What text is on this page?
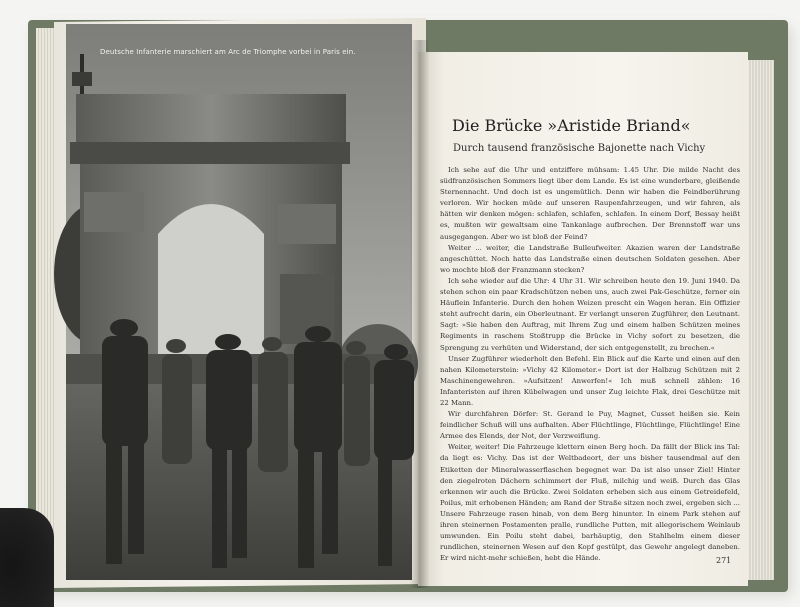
Deutsche Infanterie marschiert am Arc de Triomphe vorbei in Paris ein.
Die Brücke »Aristide Briand«
Durch tausend französische Bajonette nach Vichy

Ich sehe auf die Uhr und entziffere mühsam: 1.45 Uhr. Die milde Nacht des südfranzösischen Sommers liegt über dem Lande. Es ist eine wunderbare, gleißende Sternennacht. Und doch ist es ungemütlich. Denn wir haben die Feindberührung verloren. Wir hocken müde auf unseren Raupenfahrzeugen, und wir fahren, als hätten wir denken mögen: schlafen, schlafen, schlafen. In einem Dorf, Bessay heißt es, mußten wir gewaltsam eine Tankanlage aufbrechen. Der Brennstoff war uns ausgegangen. Aber wo ist bloß der Feind?

Weiter ... weiter, die Landstraße Bulleufweiter. Akazien waren der Landstraße angeschüttet. Noch hatte das Landstraße einen deutschen Soldaten gesehen. Aber wo mochte bloß der Franzmann stecken?

Ich sehe wieder auf die Uhr: 4 Uhr 31. Wir schreiben heute den 19. Juni 1940. Da stehen schon ein paar Kradschützen neben uns, auch zwei Pak-Geschütze, ferner ein Häuflein Infanterie. Durch den hohen Weizen prescht ein Wagen heran. Ein Offizier steht aufrecht darin, ein Oberleutnant. Er verlangt unseren Zugführer, den Leutnant. Sagt: »Sie haben den Auftrag, mit Ihrem Zug und einem halben Schützen meines Regiments in raschem Stoßtrupp die Brücke in Vichy sofort zu besetzen, die Sprengung zu verhüten und Widerstand, der sich entgegenstellt, zu brechen.«

Unser Zugführer wiederholt den Befehl. Ein Blick auf die Karte und einen auf den nahen Kilometerstein: »Vichy 42 Kilometer.« Dort ist der Halbzug Schützen mit 2 Maschinengewehren. »Aufsitzen! Anwerfen!« Ich muß schnell zählen: 16 Infanteristen auf ihren Kübelwagen und unser Zug leichte Flak, drei Geschütze mit 22 Mann.

Wir durchfahren Dörfer: St. Gerand le Puy, Magnet, Cusset heißen sie. Kein feindlicher Schuß will uns aufhalten. Aber Flüchtlinge, Flüchtlinge, Flüchtlinge! Eine Armee des Elends, der Not, der Verzweiflung.

Weiter, weiter! Die Fahrzeuge klettern einen Berg hoch. Da fällt der Blick ins Tal: da liegt es: Vichy. Das ist der Weltbadeort, der uns bisher tausendmal auf den Etiketten der Mineralwasserflaschen begegnet war. Da ist also unser Ziel! Hinter den ziegelroten Dächern schimmert der Fluß, milchig und weiß. Durch das Glas erkennen wir auch die Brücke. Zwei Soldaten erheben sich aus einem Getreidefeld, Poilus, mit erhobenen Händen; am Rand der Straße sitzen noch zwei, ergeben sich ... Unsere Fahrzeuge rasen hinab, von dem Berg hinunter. In einem Park stehen auf ihren steinernen Postamenten pralle, rundliche Putten, mit allegorischem Weinlaub umwunden. Ein Poilu steht dabei, barhäuptig, den Stahlhelm einem dieser rundlichen, steinernen Wesen auf den Kopf gestülpt, das Gewehr angelegt daneben. Er wird nicht-mehr schießen, hebt die Hände.	271
